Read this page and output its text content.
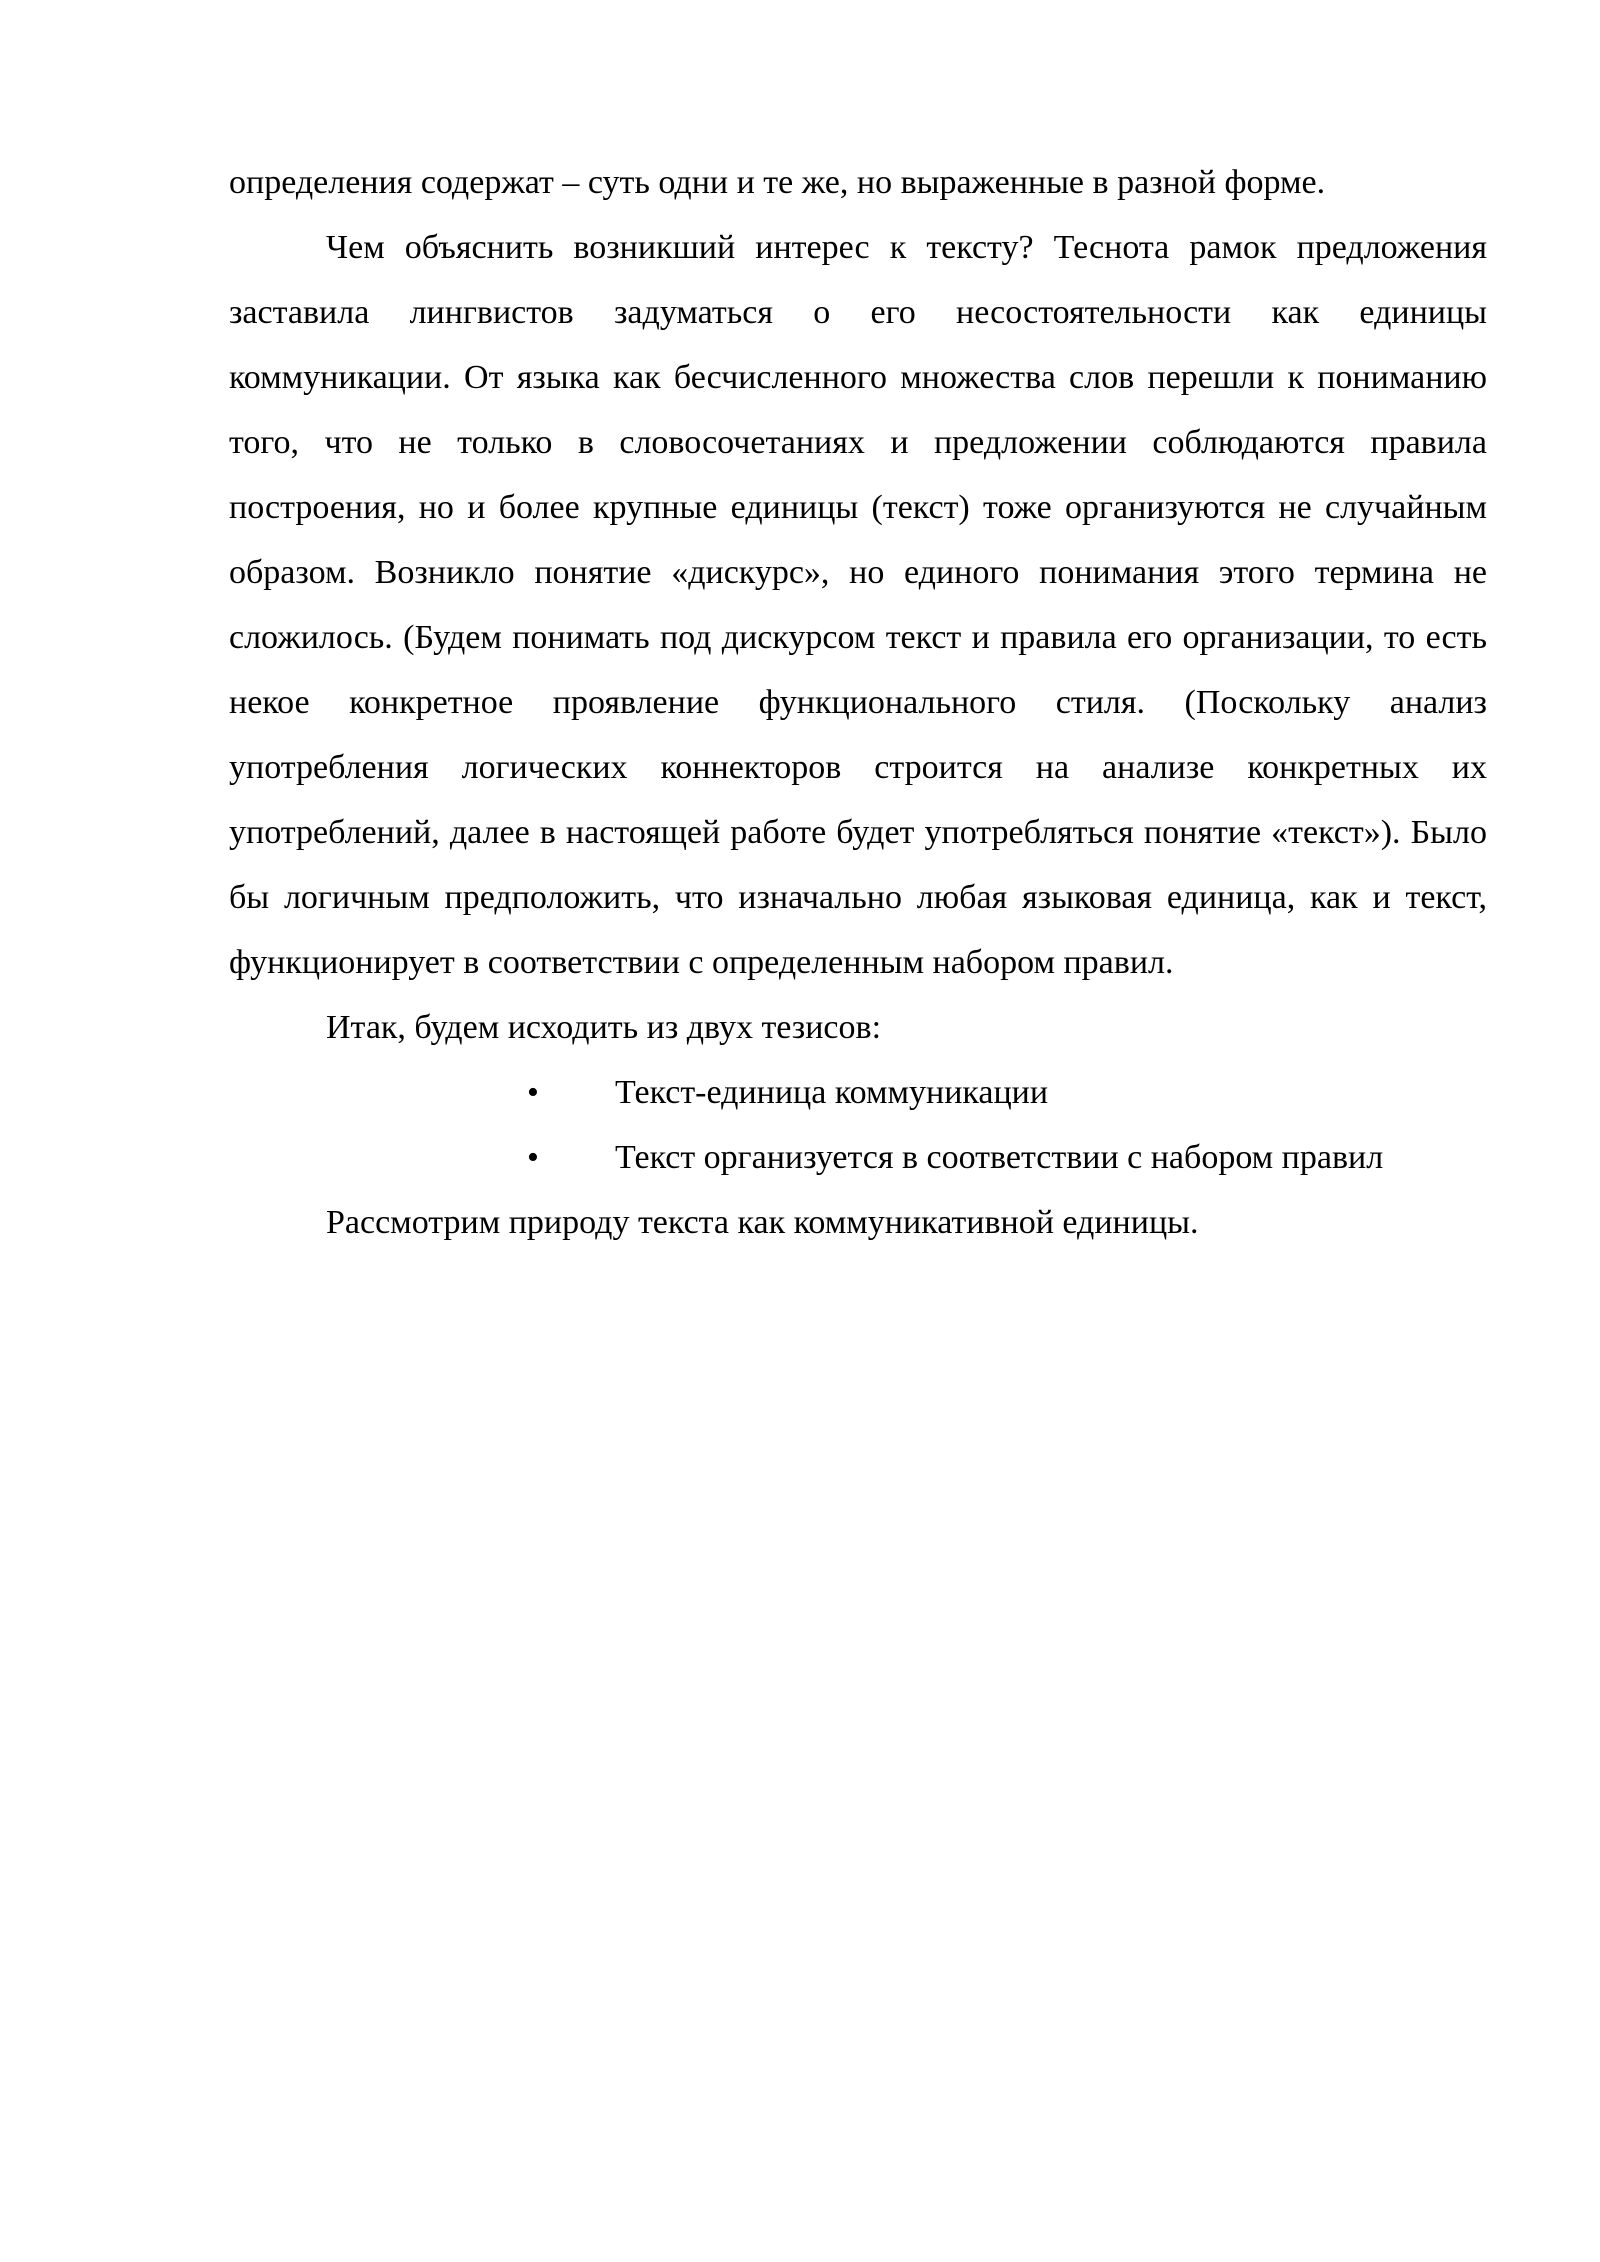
определения содержат – суть одни и те же, но выраженные в разной форме.

Чем объяснить возникший интерес к тексту? Теснота рамок предложения заставила лингвистов задуматься о его несостоятельности как единицы коммуникации. От языка как бесчисленного множества слов перешли к пониманию того, что не только в словосочетаниях и предложении соблюдаются правила построения, но и более крупные единицы (текст) тоже организуются не случайным образом. Возникло понятие «дискурс», но единого понимания этого термина не сложилось. (Будем понимать под дискурсом текст и правила его организации, то есть некое конкретное проявление функционального стиля. (Поскольку анализ употребления логических коннекторов строится на анализе конкретных их употреблений, далее в настоящей работе будет употребляться понятие «текст»). Было бы логичным предположить, что изначально любая языковая единица, как и текст, функционирует в соответствии с определенным набором правил.

Итак, будем исходить из двух тезисов:

• Текст-единица коммуникации
• Текст организуется в соответствии с набором правил

Рассмотрим природу текста как коммуникативной единицы.
